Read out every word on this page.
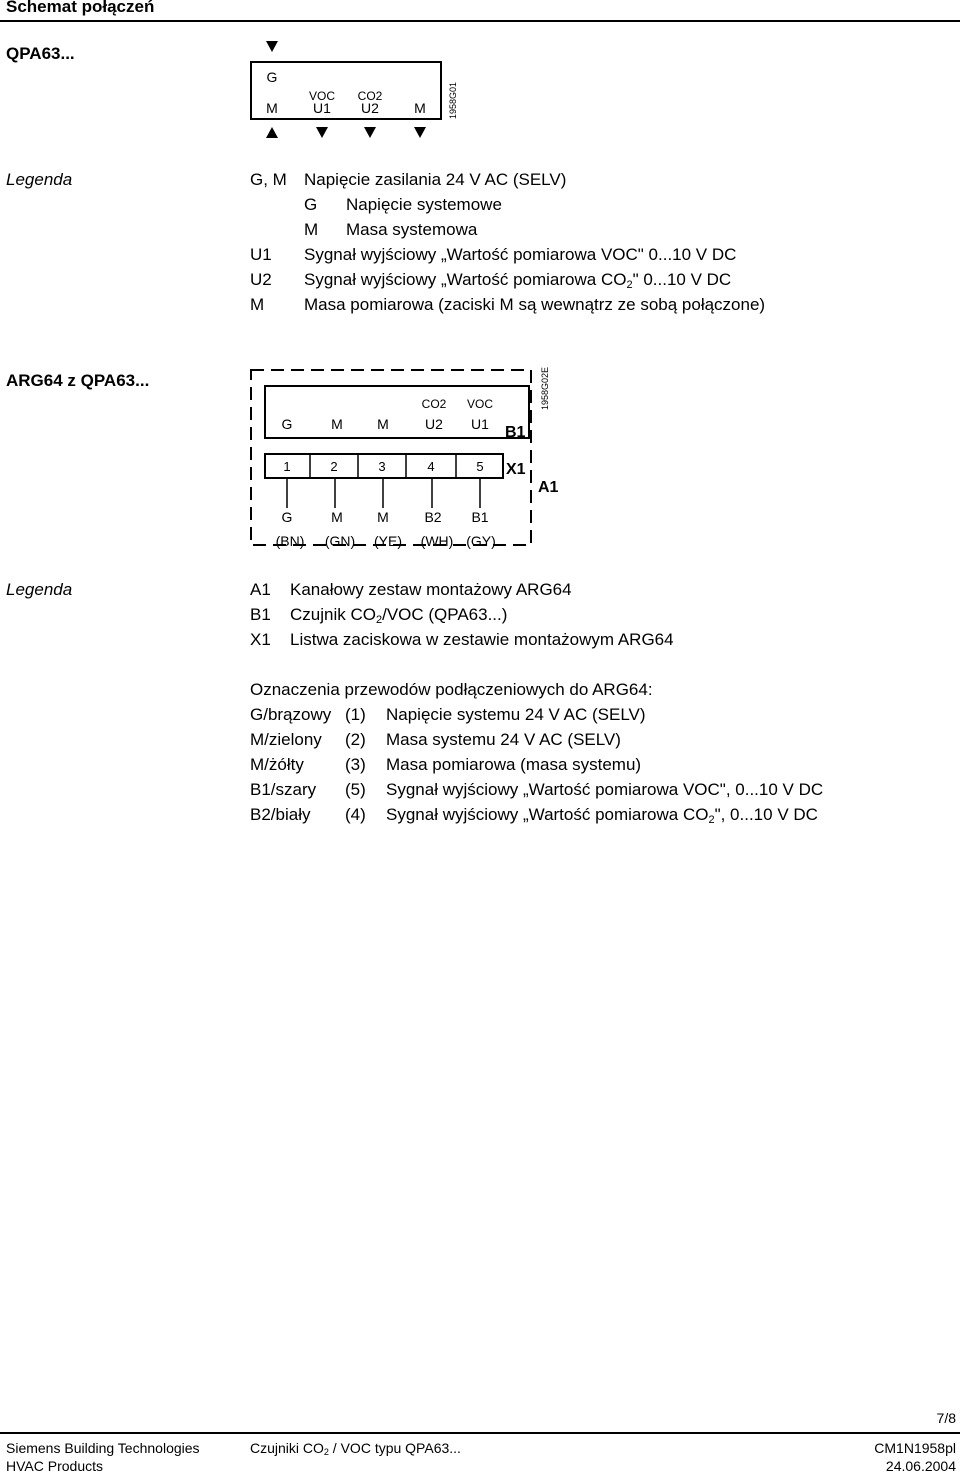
Schemat połączeń
QPA63...
G
VOC CO2
M	U1 U2	M 1958G01
CO2 VOC
G	M M	U2 U1 B1
1	2	3	4	5 X1
A1
1958G02E
G	M M	B2 B1
(BN) (GN) (YE) (WH) (GY)
Legenda	G, M Napięcie zasilania 24 V AC (SELV)
G Napięcie systemowe
M Masa systemowa
U1 Sygnał wyjściowy „Wartość pomiarowa VOC" 0...10 V DC
U2 Sygnał wyjściowy „Wartość pomiarowa $CO_2$" 0...10 V DC
M Masa pomiarowa (zaciski M są wewnątrz ze sobą połączone)
ARG64 z QPA63...
Legenda	A1 Kanałowy zestaw montażowy ARG64
B1 Czujnik $CO_2$/VOC (QPA63...)
X1 Listwa zaciskowa w zestawie montażowym ARG64
Oznaczenia przewodów podłączeniowych do ARG64:
G/brązowy (1) Napięcie systemu 24 V AC (SELV)
M/zielony (2) Masa systemu 24 V AC (SELV)
M/żółty (3) Masa pomiarowa (masa systemu)
B1/szary (5) Sygnał wyjściowy „Wartość pomiarowa VOC", 0...10 V DC
B2/biały (4) Sygnał wyjściowy „Wartość pomiarowa $CO_2$", 0...10 V DC
7/8
Siemens Building Technologies
HVAC Products
Czujniki CO2 / VOC typu QPA63...	CM1N1958pl
24.06.2004
